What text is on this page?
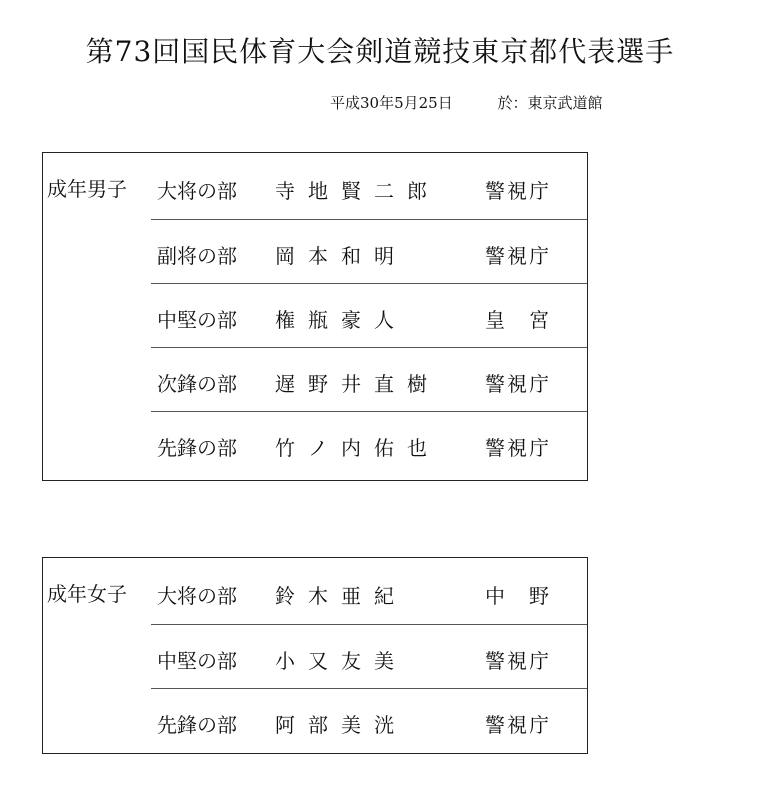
第73回国民体育大会剣道競技東京都代表選手
平成30年5月25日	於：東京武道館
成年男子 大将の部 寺地賢二郎 警視庁
副将の部 岡本和明	警視庁
中堅の部 権瓶豪人	皇　宮
次鋒の部 遅野井直樹 警視庁
先鋒の部 竹ノ内佑也 警視庁
成年女子 大将の部 鈴木亜紀	中　野
中堅の部 小又友美	警視庁
先鋒の部 阿部美洸	警視庁
